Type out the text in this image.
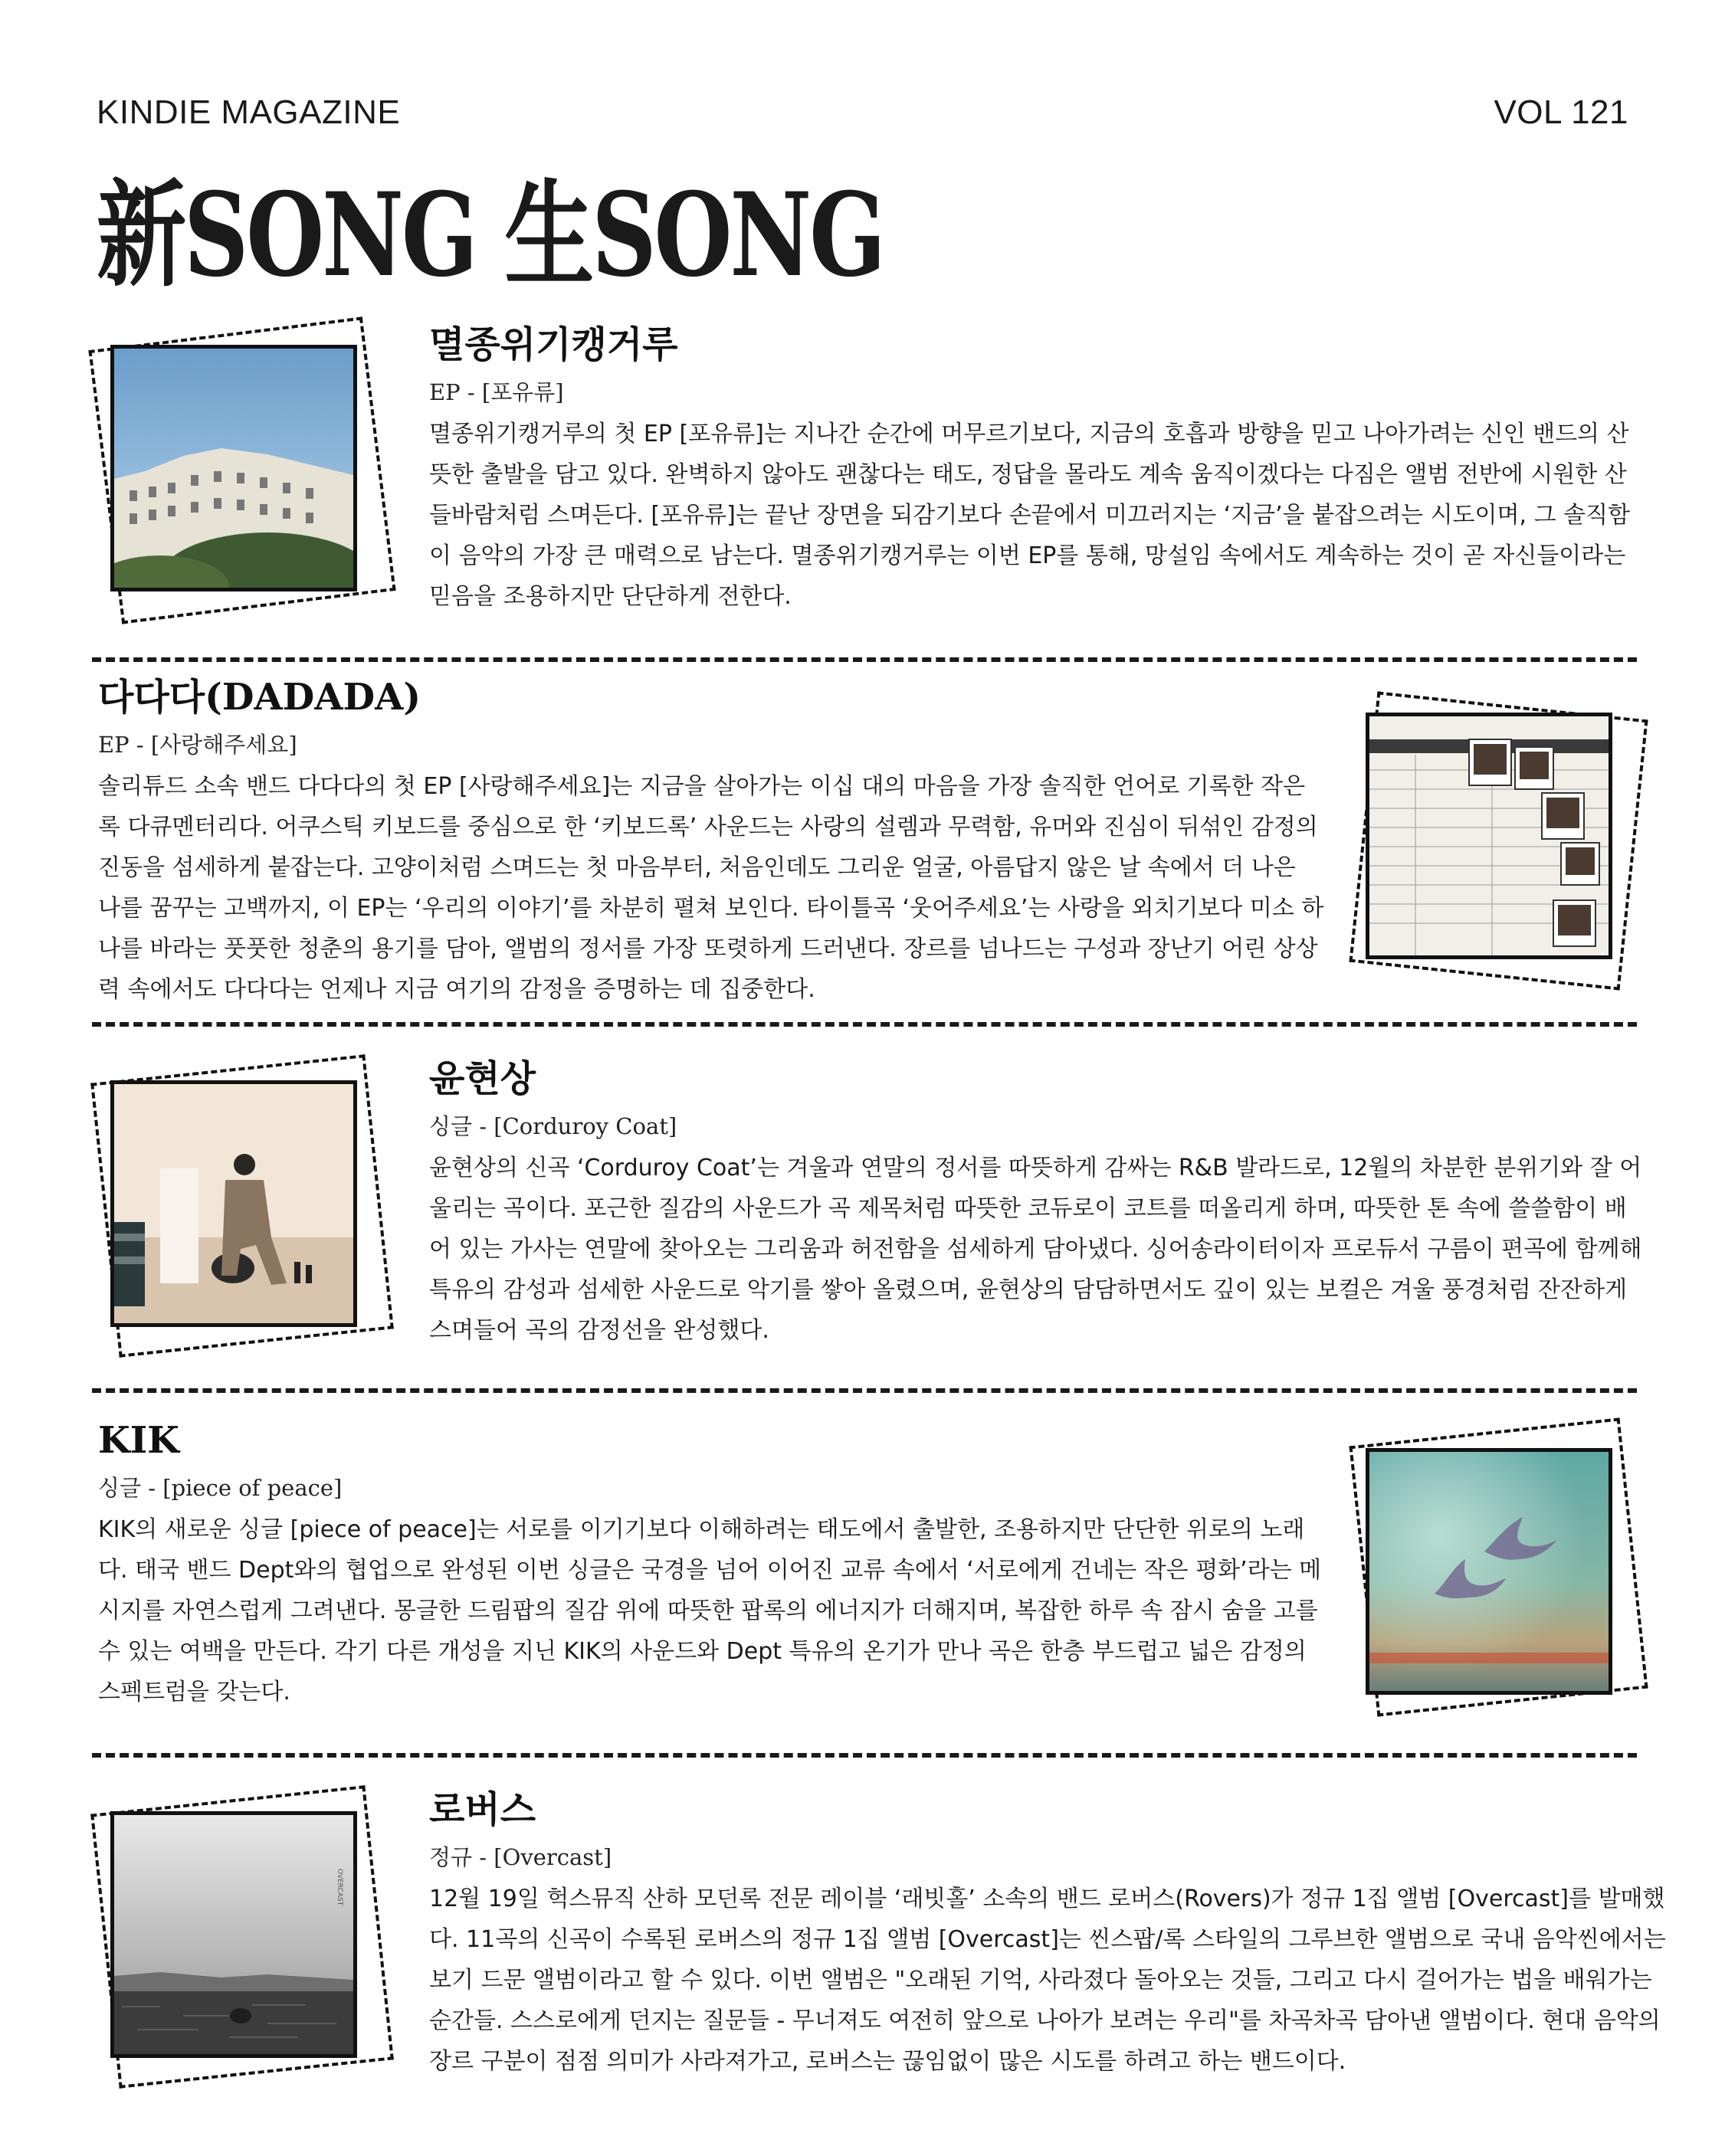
KINDIE MAGAZINE	VOL 121
新SONG 生SONG
멸종위기캥거루
EP - [포유류]

멸종위기캥거루의 첫 EP [포유류]는 지나간 순간에 머무르기보다, 지금의 호흡과 방향을 믿고 나아가려는 신인 밴드의 산뜻한 출발을 담고 있다. 완벽하지 않아도 괜찮다는 태도, 정답을 몰라도 계속 움직이겠다는 다짐은 앨범 전반에 시원한 산들바람처럼 스며든다. [포유류]는 끝난 장면을 되감기보다 손끝에서 미끄러지는 ‘지금’을 붙잡으려는 시도이며, 그 솔직함이 음악의 가장 큰 매력으로 남는다. 멸종위기캥거루는 이번 EP를 통해, 망설임 속에서도 계속하는 것이 곧 자신들이라는 믿음을 조용하지만 단단하게 전한다.

다다다(DADADA)
EP - [사랑해주세요]

솔리튜드 소속 밴드 다다다의 첫 EP [사랑해주세요]는 지금을 살아가는 이십 대의 마음을 가장 솔직한 언어로 기록한 작은 록 다큐멘터리다. 어쿠스틱 키보드를 중심으로 한 ‘키보드록’ 사운드는 사랑의 설렘과 무력함, 유머와 진심이 뒤섞인 감정의 진동을 섬세하게 붙잡는다. 고양이처럼 스며드는 첫 마음부터, 처음인데도 그리운 얼굴, 아름답지 않은 날 속에서 더 나은 나를 꿈꾸는 고백까지, 이 EP는 ‘우리의 이야기’를 차분히 펼쳐 보인다. 타이틀곡 ‘웃어주세요’는 사랑을 외치기보다 미소 하나를 바라는 풋풋한 청춘의 용기를 담아, 앨범의 정서를 가장 또렷하게 드러낸다. 장르를 넘나드는 구성과 장난기 어린 상상력 속에서도 다다다는 언제나 지금 여기의 감정을 증명하는 데 집중한다.

윤현상
싱글 - [Corduroy Coat]

윤현상의 신곡 ‘Corduroy Coat’는 겨울과 연말의 정서를 따뜻하게 감싸는 R&B 발라드로, 12월의 차분한 분위기와 잘 어울리는 곡이다. 포근한 질감의 사운드가 곡 제목처럼 따뜻한 코듀로이 코트를 떠올리게 하며, 따뜻한 톤 속에 쓸쓸함이 배어 있는 가사는 연말에 찾아오는 그리움과 허전함을 섬세하게 담아냈다. 싱어송라이터이자 프로듀서 구름이 편곡에 함께해 특유의 감성과 섬세한 사운드로 악기를 쌓아 올렸으며, 윤현상의 담담하면서도 깊이 있는 보컬은 겨울 풍경처럼 잔잔하게 스며들어 곡의 감정선을 완성했다.

KIK
싱글 - [piece of peace]

KIK의 새로운 싱글 [piece of peace]는 서로를 이기기보다 이해하려는 태도에서 출발한, 조용하지만 단단한 위로의 노래다. 태국 밴드 Dept와의 협업으로 완성된 이번 싱글은 국경을 넘어 이어진 교류 속에서 ‘서로에게 건네는 작은 평화’라는 메시지를 자연스럽게 그려낸다. 몽글한 드림팝의 질감 위에 따뜻한 팝록의 에너지가 더해지며, 복잡한 하루 속 잠시 숨을 고를 수 있는 여백을 만든다. 각기 다른 개성을 지닌 KIK의 사운드와 Dept 특유의 온기가 만나 곡은 한층 부드럽고 넓은 감정의 스펙트럼을 갖는다.

OVERCAST
로버스
정규 - [Overcast]

12월 19일 헉스뮤직 산하 모던록 전문 레이블 ‘래빗홀’ 소속의 밴드 로버스(Rovers)가 정규 1집 앨범 [Overcast]를 발매했다. 11곡의 신곡이 수록된 로버스의 정규 1집 앨범 [Overcast]는 씬스팝/록 스타일의 그루브한 앨범으로 국내 음악씬에서는 보기 드문 앨범이라고 할 수 있다. 이번 앨범은 "오래된 기억, 사라졌다 돌아오는 것들, 그리고 다시 걸어가는 법을 배워가는 순간들. 스스로에게 던지는 질문들 - 무너져도 여전히 앞으로 나아가 보려는 우리"를 차곡차곡 담아낸 앨범이다. 현대 음악의 장르 구분이 점점 의미가 사라져가고, 로버스는 끊임없이 많은 시도를 하려고 하는 밴드이다.
